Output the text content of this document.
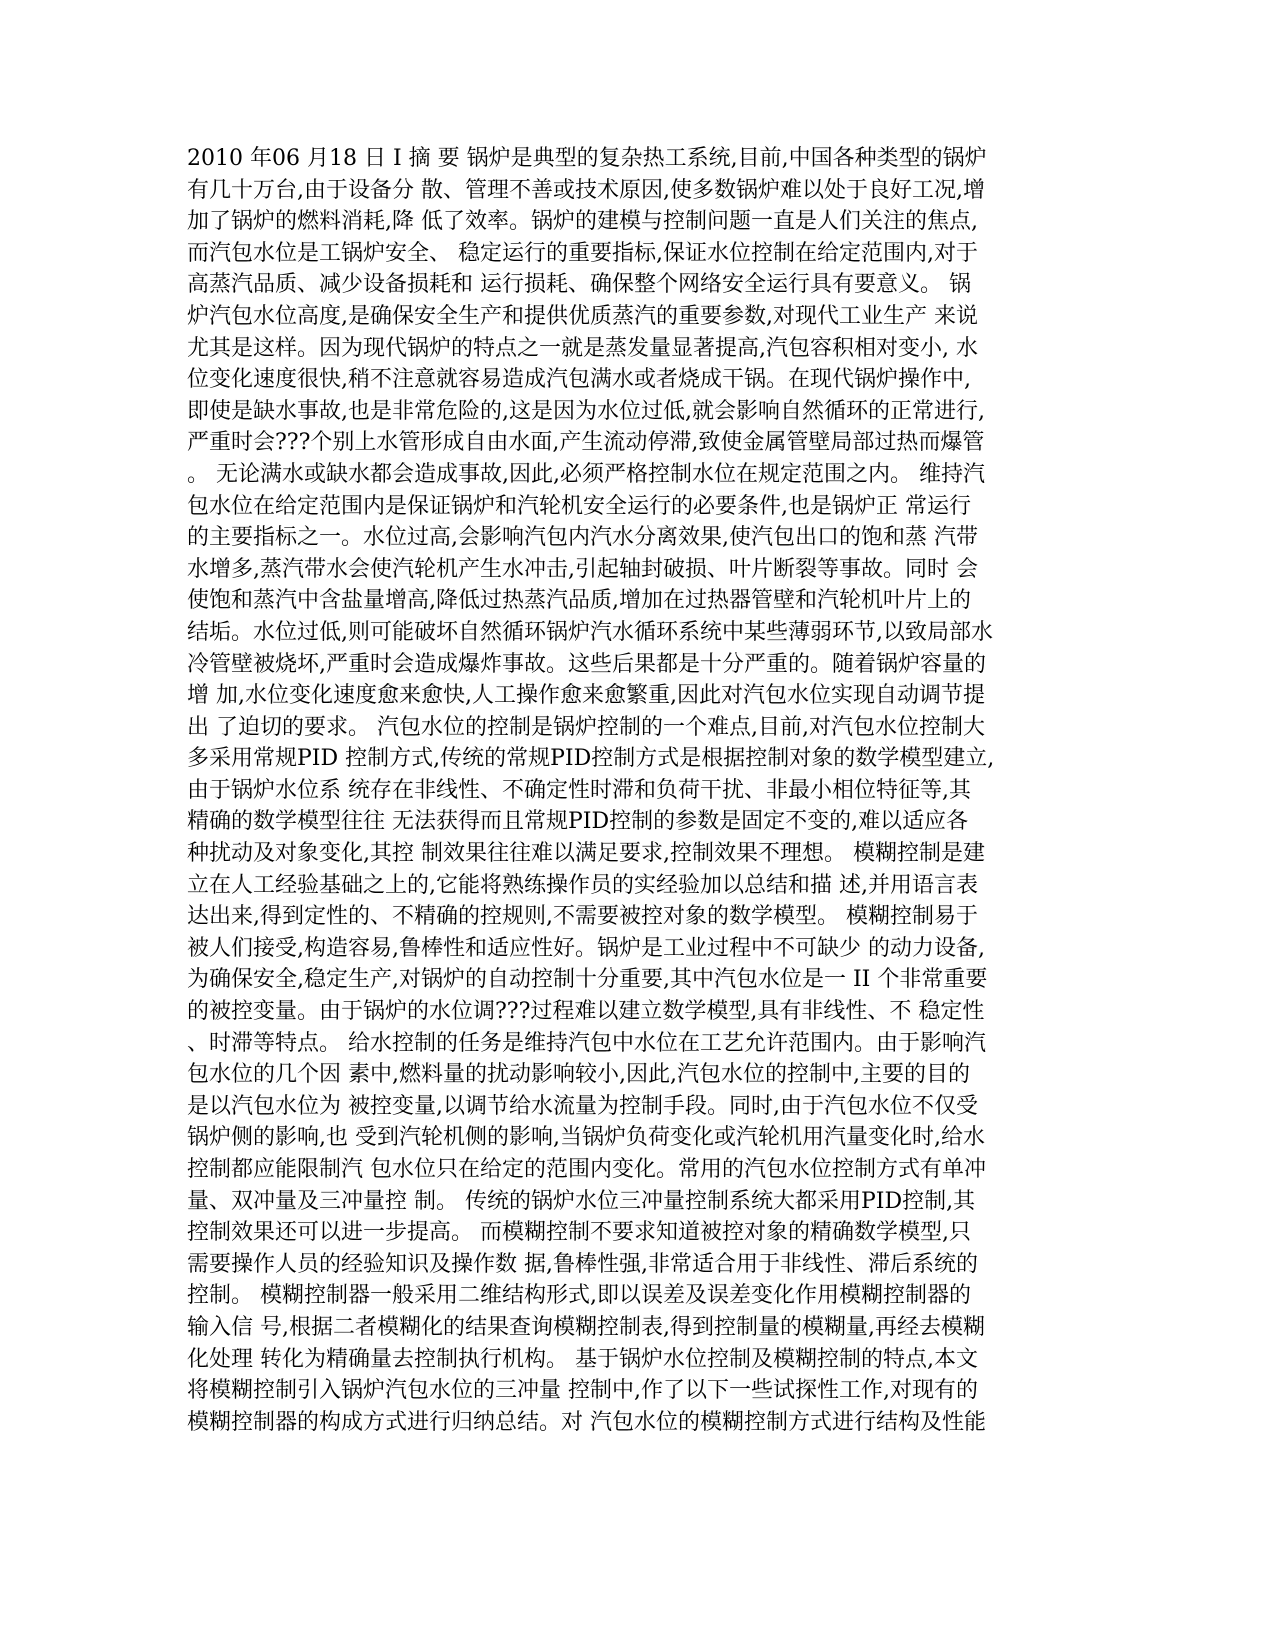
2010 年06 月18 日 I 摘 要 锅炉是典型的复杂热工系统,目前,中国各种类型的锅炉
有几十万台,由于设备分 散、管理不善或技术原因,使多数锅炉难以处于良好工况,增
加了锅炉的燃料消耗,降 低了效率。锅炉的建模与控制问题一直是人们关注的焦点,
而汽包水位是工锅炉安全、 稳定运行的重要指标,保证水位控制在给定范围内,对于
高蒸汽品质、减少设备损耗和 运行损耗、确保整个网络安全运行具有要意义。 锅
炉汽包水位高度,是确保安全生产和提供优质蒸汽的重要参数,对现代工业生产 来说
尤其是这样。因为现代锅炉的特点之一就是蒸发量显著提高,汽包容积相对变小, 水
位变化速度很快,稍不注意就容易造成汽包满水或者烧成干锅。在现代锅炉操作中,
即使是缺水事故,也是非常危险的,这是因为水位过低,就会影响自然循环的正常进行,
严重时会???个别上水管形成自由水面,产生流动停滞,致使金属管壁局部过热而爆管
。 无论满水或缺水都会造成事故,因此,必须严格控制水位在规定范围之内。 维持汽
包水位在给定范围内是保证锅炉和汽轮机安全运行的必要条件,也是锅炉正 常运行
的主要指标之一。水位过高,会影响汽包内汽水分离效果,使汽包出口的饱和蒸 汽带
水增多,蒸汽带水会使汽轮机产生水冲击,引起轴封破损、叶片断裂等事故。同时 会
使饱和蒸汽中含盐量增高,降低过热蒸汽品质,增加在过热器管壁和汽轮机叶片上的
结垢。水位过低,则可能破坏自然循环锅炉汽水循环系统中某些薄弱环节,以致局部水
冷管壁被烧坏,严重时会造成爆炸事故。这些后果都是十分严重的。随着锅炉容量的
增 加,水位变化速度愈来愈快,人工操作愈来愈繁重,因此对汽包水位实现自动调节提
出 了迫切的要求。 汽包水位的控制是锅炉控制的一个难点,目前,对汽包水位控制大
多采用常规PID 控制方式,传统的常规PID控制方式是根据控制对象的数学模型建立,
由于锅炉水位系 统存在非线性、不确定性时滞和负荷干扰、非最小相位特征等,其
精确的数学模型往往 无法获得而且常规PID控制的参数是固定不变的,难以适应各
种扰动及对象变化,其控 制效果往往难以满足要求,控制效果不理想。 模糊控制是建
立在人工经验基础之上的,它能将熟练操作员的实经验加以总结和描 述,并用语言表
达出来,得到定性的、不精确的控规则,不需要被控对象的数学模型。 模糊控制易于
被人们接受,构造容易,鲁棒性和适应性好。锅炉是工业过程中不可缺少 的动力设备,
为确保安全,稳定生产,对锅炉的自动控制十分重要,其中汽包水位是一 II 个非常重要
的被控变量。由于锅炉的水位调???过程难以建立数学模型,具有非线性、不 稳定性
、时滞等特点。 给水控制的任务是维持汽包中水位在工艺允许范围内。由于影响汽
包水位的几个因 素中,燃料量的扰动影响较小,因此,汽包水位的控制中,主要的目的
是以汽包水位为 被控变量,以调节给水流量为控制手段。同时,由于汽包水位不仅受
锅炉侧的影响,也 受到汽轮机侧的影响,当锅炉负荷变化或汽轮机用汽量变化时,给水
控制都应能限制汽 包水位只在给定的范围内变化。常用的汽包水位控制方式有单冲
量、双冲量及三冲量控 制。 传统的锅炉水位三冲量控制系统大都采用PID控制,其
控制效果还可以进一步提高。 而模糊控制不要求知道被控对象的精确数学模型,只
需要操作人员的经验知识及操作数 据,鲁棒性强,非常适合用于非线性、滞后系统的
控制。 模糊控制器一般采用二维结构形式,即以误差及误差变化作用模糊控制器的
输入信 号,根据二者模糊化的结果查询模糊控制表,得到控制量的模糊量,再经去模糊
化处理 转化为精确量去控制执行机构。 基于锅炉水位控制及模糊控制的特点,本文
将模糊控制引入锅炉汽包水位的三冲量 控制中,作了以下一些试探性工作,对现有的
模糊控制器的构成方式进行归纳总结。对 汽包水位的模糊控制方式进行结构及性能
